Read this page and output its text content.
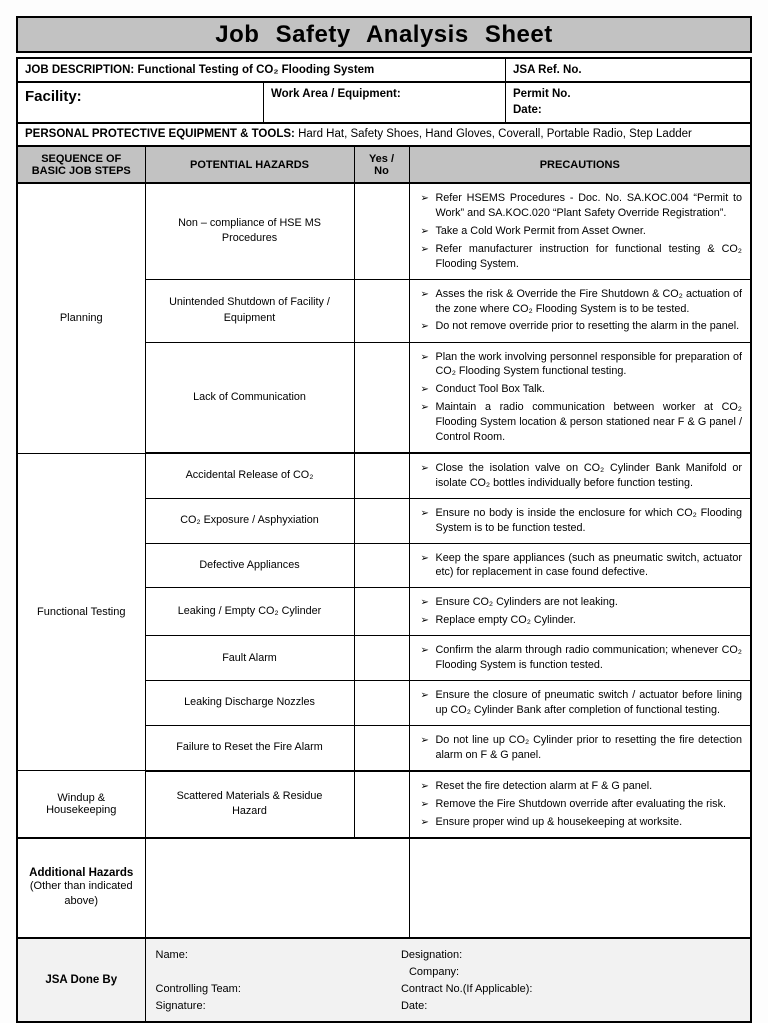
Job Safety Analysis Sheet
JOB DESCRIPTION: Functional Testing of CO₂ Flooding System	JSA Ref. No.
Facility:	Work Area / Equipment:	Permit No.
Date:
PERSONAL PROTECTIVE EQUIPMENT & TOOLS: Hard Hat, Safety Shoes, Hand Gloves, Coverall, Portable Radio, Step Ladder
SEQUENCE OF BASIC JOB STEPS	POTENTIAL HAZARDS	Yes / No	PRECAUTIONS
Planning	Non – compliance of HSE MS Procedures		
➢ Refer HSEMS Procedures - Doc. No. SA.KOC.004 “Permit to Work” and SA.KOC.020 “Plant Safety Override Registration”.
➢ Take a Cold Work Permit from Asset Owner.
➢ Refer manufacturer instruction for functional testing & CO₂ Flooding System.

Unintended Shutdown of Facility / Equipment		
➢ Asses the risk & Override the Fire Shutdown & CO₂ actuation of the zone where CO₂ Flooding System is to be tested.
➢ Do not remove override prior to resetting the alarm in the panel.

Lack of Communication		
➢ Plan the work involving personnel responsible for preparation of CO₂ Flooding System functional testing.
➢ Conduct Tool Box Talk.
➢ Maintain a radio communication between worker at CO₂ Flooding System location & person stationed near F & G panel / Control Room.

Functional Testing	Accidental Release of CO₂		
➢ Close the isolation valve on CO₂ Cylinder Bank Manifold or isolate CO₂ bottles individually before function testing.

CO₂ Exposure / Asphyxiation		
➢ Ensure no body is inside the enclosure for which CO₂ Flooding System is to be function tested.

Defective Appliances		
➢ Keep the spare appliances (such as pneumatic switch, actuator etc) for replacement in case found defective.

Leaking / Empty CO₂ Cylinder		
➢ Ensure CO₂ Cylinders are not leaking.
➢ Replace empty CO₂ Cylinder.

Fault Alarm		
➢ Confirm the alarm through radio communication; whenever CO₂ Flooding System is function tested.

Leaking Discharge Nozzles		
➢ Ensure the closure of pneumatic switch / actuator before lining up CO₂ Cylinder Bank after completion of functional testing.

Failure to Reset the Fire Alarm		
➢ Do not line up CO₂ Cylinder prior to resetting the fire detection alarm on F & G panel.

Windup & Housekeeping	Scattered Materials & Residue Hazard		
➢ Reset the fire detection alarm at F & G panel.
➢ Remove the Fire Shutdown override after evaluating the risk.
➢ Ensure proper wind up & housekeeping at worksite.

Additional Hazards
(Other than indicated above)			

JSA Done By	
Name:	Designation:
Company:
Controlling Team:	Contract No.(If Applicable):
Signature:	Date:
